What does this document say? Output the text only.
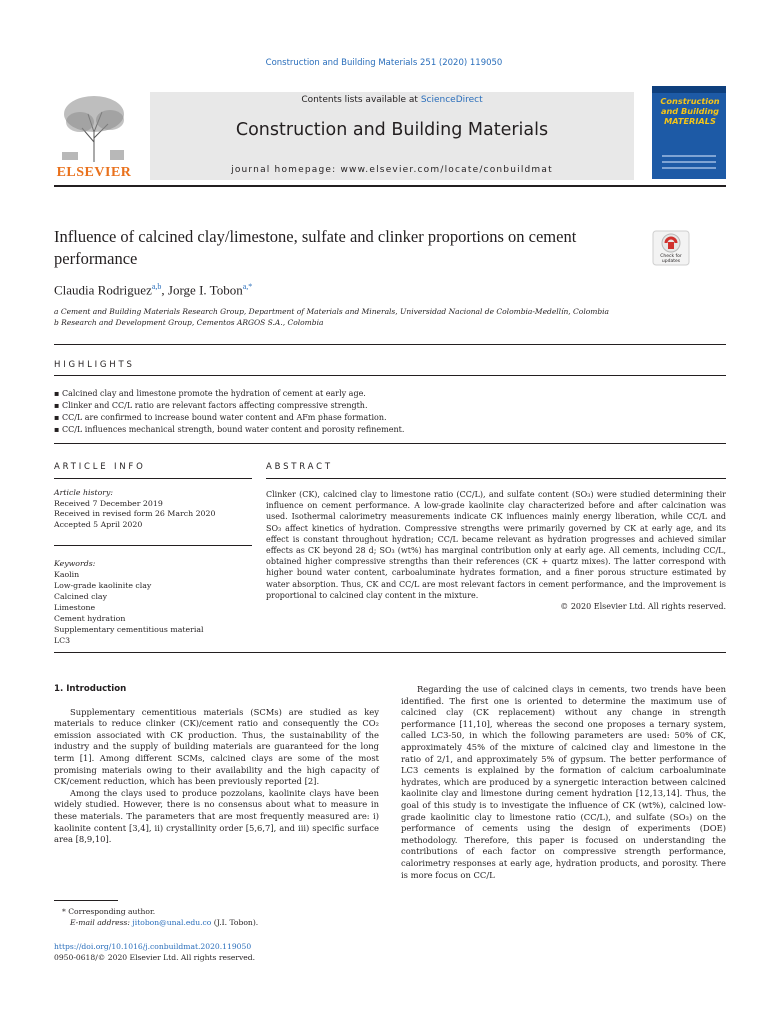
Construction and Building Materials 251 (2020) 119050
ELSEVIER
Contents lists available at ScienceDirect
Construction and Building Materials
journal homepage: www.elsevier.com/locate/conbuildmat
Construction and Building MATERIALS
Influence of calcined clay/limestone, sulfate and clinker proportions on cement performance	Check for updates
Claudia Rodriguez$^{a,b}$, Jorge I. Tobon$^{a,*}$
a Cement and Building Materials Research Group, Department of Materials and Minerals, Universidad Nacional de Colombia-Medellín, Colombia
b Research and Development Group, Cementos ARGOS S.A., Colombia
HIGHLIGHTS
▪ Calcined clay and limestone promote the hydration of cement at early age.
▪ Clinker and CC/L ratio are relevant factors affecting compressive strength.
▪ CC/L are confirmed to increase bound water content and AFm phase formation.
▪ CC/L influences mechanical strength, bound water content and porosity refinement.
ARTICLE INFO	ABSTRACT
Article history:
Received 7 December 2019
Received in revised form 26 March 2020
Accepted 5 April 2020
Keywords:
Kaolin
Low-grade kaolinite clay
Calcined clay
Limestone
Cement hydration
Supplementary cementitious material
LC3
Clinker (CK), calcined clay to limestone ratio (CC/L), and sulfate content (SO₃) were studied determining their influence on cement performance. A low-grade kaolinite clay characterized before and after calcination was used. Isothermal calorimetry measurements indicate CK influences mainly energy liberation, while CC/L and SO₃ affect kinetics of hydration. Compressive strengths were primarily governed by CK at early age, and its effect is constant throughout hydration; CC/L became relevant as hydration progresses and achieved similar effects as CK beyond 28 d; SO₃ (wt%) has marginal contribution only at early age. All cements, including CC/L, obtained higher compressive strengths than their references (CK + quartz mixes). The latter correspond with higher bound water content, carboaluminate hydrates formation, and a finer porous structure estimated by water absorption. Thus, CK and CC/L are most relevant factors in cement performance, and the improvement is proportional to calcined clay content in the mixture.
© 2020 Elsevier Ltd. All rights reserved.
1. Introduction

Supplementary cementitious materials (SCMs) are studied as key materials to reduce clinker (CK)/cement ratio and consequently the CO₂ emission associated with CK production. Thus, the sustainability of the industry and the supply of building materials are guaranteed for the long term [1]. Among different SCMs, calcined clays are some of the most promising materials owing to their availability and the high capacity of CK/cement reduction, which has been previously reported [2].

Among the clays used to produce pozzolans, kaolinite clays have been widely studied. However, there is no consensus about what to measure in these materials. The parameters that are most frequently measured are: i) kaolinite content [3,4], ii) crystallinity order [5,6,7], and iii) specific surface area [8,9,10].

Regarding the use of calcined clays in cements, two trends have been identified. The first one is oriented to determine the maximum use of calcined clay (CK replacement) without any change in strength performance [11,10], whereas the second one proposes a ternary system, called LC3-50, in which the following parameters are used: 50% of CK, approximately 45% of the mixture of calcined clay and limestone in the ratio of 2/1, and approximately 5% of gypsum. The better performance of LC3 cements is explained by the formation of calcium carboaluminate hydrates, which are produced by a synergetic interaction between calcined kaolinite clay and limestone during cement hydration [12,13,14]. Thus, the goal of this study is to investigate the influence of CK (wt%), calcined low-grade kaolinitic clay to limestone ratio (CC/L), and sulfate (SO₃) on the performance of cements using the design of experiments (DOE) methodology. Therefore, this paper is focused on understanding the contributions of each factor on compressive strength performance, calorimetry responses at early age, hydration products, and porosity. There is more focus on CC/L

* Corresponding author.
E-mail address: jitobon@unal.edu.co (J.I. Tobon).
https://doi.org/10.1016/j.conbuildmat.2020.119050
0950-0618/© 2020 Elsevier Ltd. All rights reserved.
